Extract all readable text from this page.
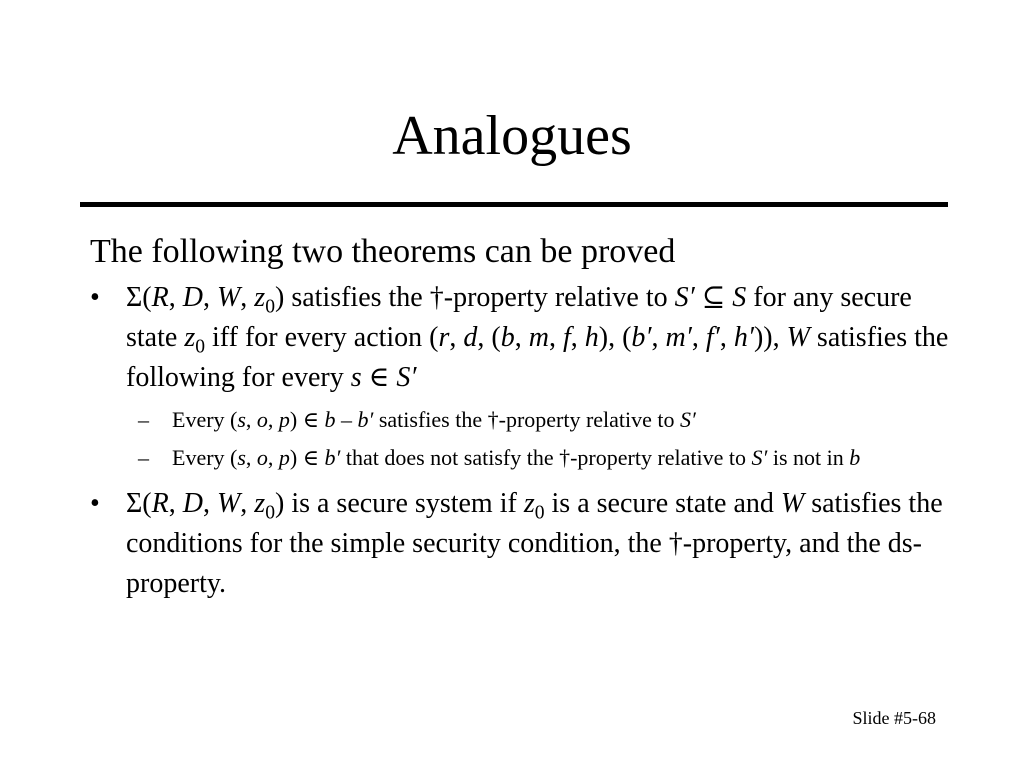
Analogues

The following two theorems can be proved

• Σ(R, D, W, $z_0$) satisfies the †-property relative to S′ ⊆ S for any secure state $z_0$ iff for every action (r, d, (b, m, f, h), (b′, m′, f′, h′)), W satisfies the following for every s ∈ S′
– Every (s, o, p) ∈ b – b′ satisfies the †-property relative to S′
– Every (s, o, p) ∈ b′ that does not satisfy the †-property relative to S′ is not in b
• Σ(R, D, W, $z_0$) is a secure system if $z_0$ is a secure state and W satisfies the conditions for the simple security condition, the †-property, and the ds-property.
Slide #5-68
